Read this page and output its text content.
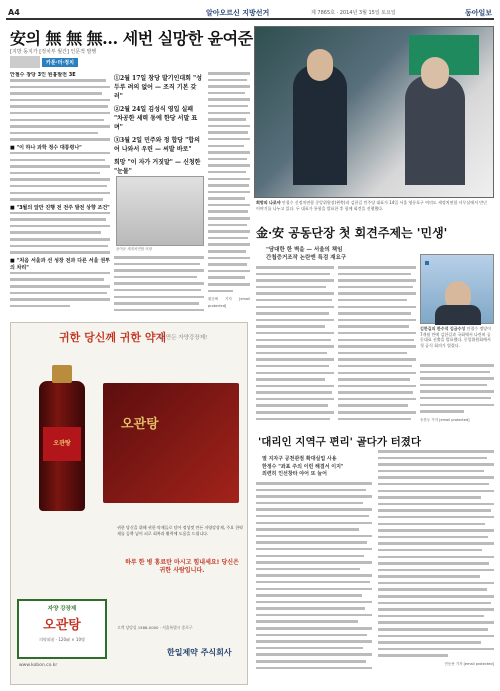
A4	알아오르신 지방선거	제 7865호 · 2014년 3월 15일 토요일	동아일보
安의 無 無 無… 세번 실망한 윤여준
[지방 동지가 [정치부 월간] 인문적 발행
카툰·더·정치
안철수 창당 3인 원흉발전 3E
■ "이 하나 과학 정수 대통령나"
■ "3월의 앞만 진행 전 전주 발전 상향 조건"
■ "처음 서울과 선 성장 전과 다른 서울 권투의 차리"
①2월 17일 창당 발기인대회 "성두루 려의 없어 — 조직 기본 갖러"
②2월 24일 김성식 영입 실패 "차공한 세력 동에 한당 서말 표며"
③3월 2일 민주와 정 합당 "합의 어 나와서 우린 — 씨발 바로"
희망 "이 자가 거짓말" — 신청한 "눈물"
윤여준 새정치연합 의장
황승택 기자 [email protected]
희망의 나로야 안철수 신정치연합 중앙위원장(왼쪽)과 김한길 민주당 대표가 14일 서울 영등포구 여의도 새정치연합 사무실에서 만난 이야기를 나누고 있다. 두 대표가 통합을 발표한 후 함께 회견을 진행했다.
金·安 공동단장 첫 회견주제는 '민생'
"담대한 한 벽을 — 서울의 책임
간첩증거조작 논란엔 특검 재요구
김한길의 한수석 김금수성 안철수 정당이 7개월 만에 김한길과 국회에서 나란히 공동대표 선출을 발표했다. 중앙위원회에서 첫 공식 회의가 열렸다.
송찬우 기자 [email protected]
'대리인 지역구 편리' 골다가 터졌다
열 지자구 공천관점 확대실업 사용
한정수 "좌표 주의 이런 해결서 이지"
외련히 인선창타 야어 또 늘어
민동용 기자 [email protected]
귀한 당신께 귀한 약재
로 만든 자양강장제!
오관탕
오관탕
귀한 당신을 위해 귀한 약재들로 담아 정성껏 만든 자양강장제, 주요 한약재를 듬뿍 넣어 피로 회복과 활력에 도움을 드립니다.
하루 한 병 홍료탄 마시고 힘내세요! 당신은 귀한 사람입니다.
자양 강장제
오관탕
의약외품 · 120㎖ × 10병
www.kobon.co.kr
고객 상담실 1588-0000 · 서울특별시 종로구
한일제약 주식회사
